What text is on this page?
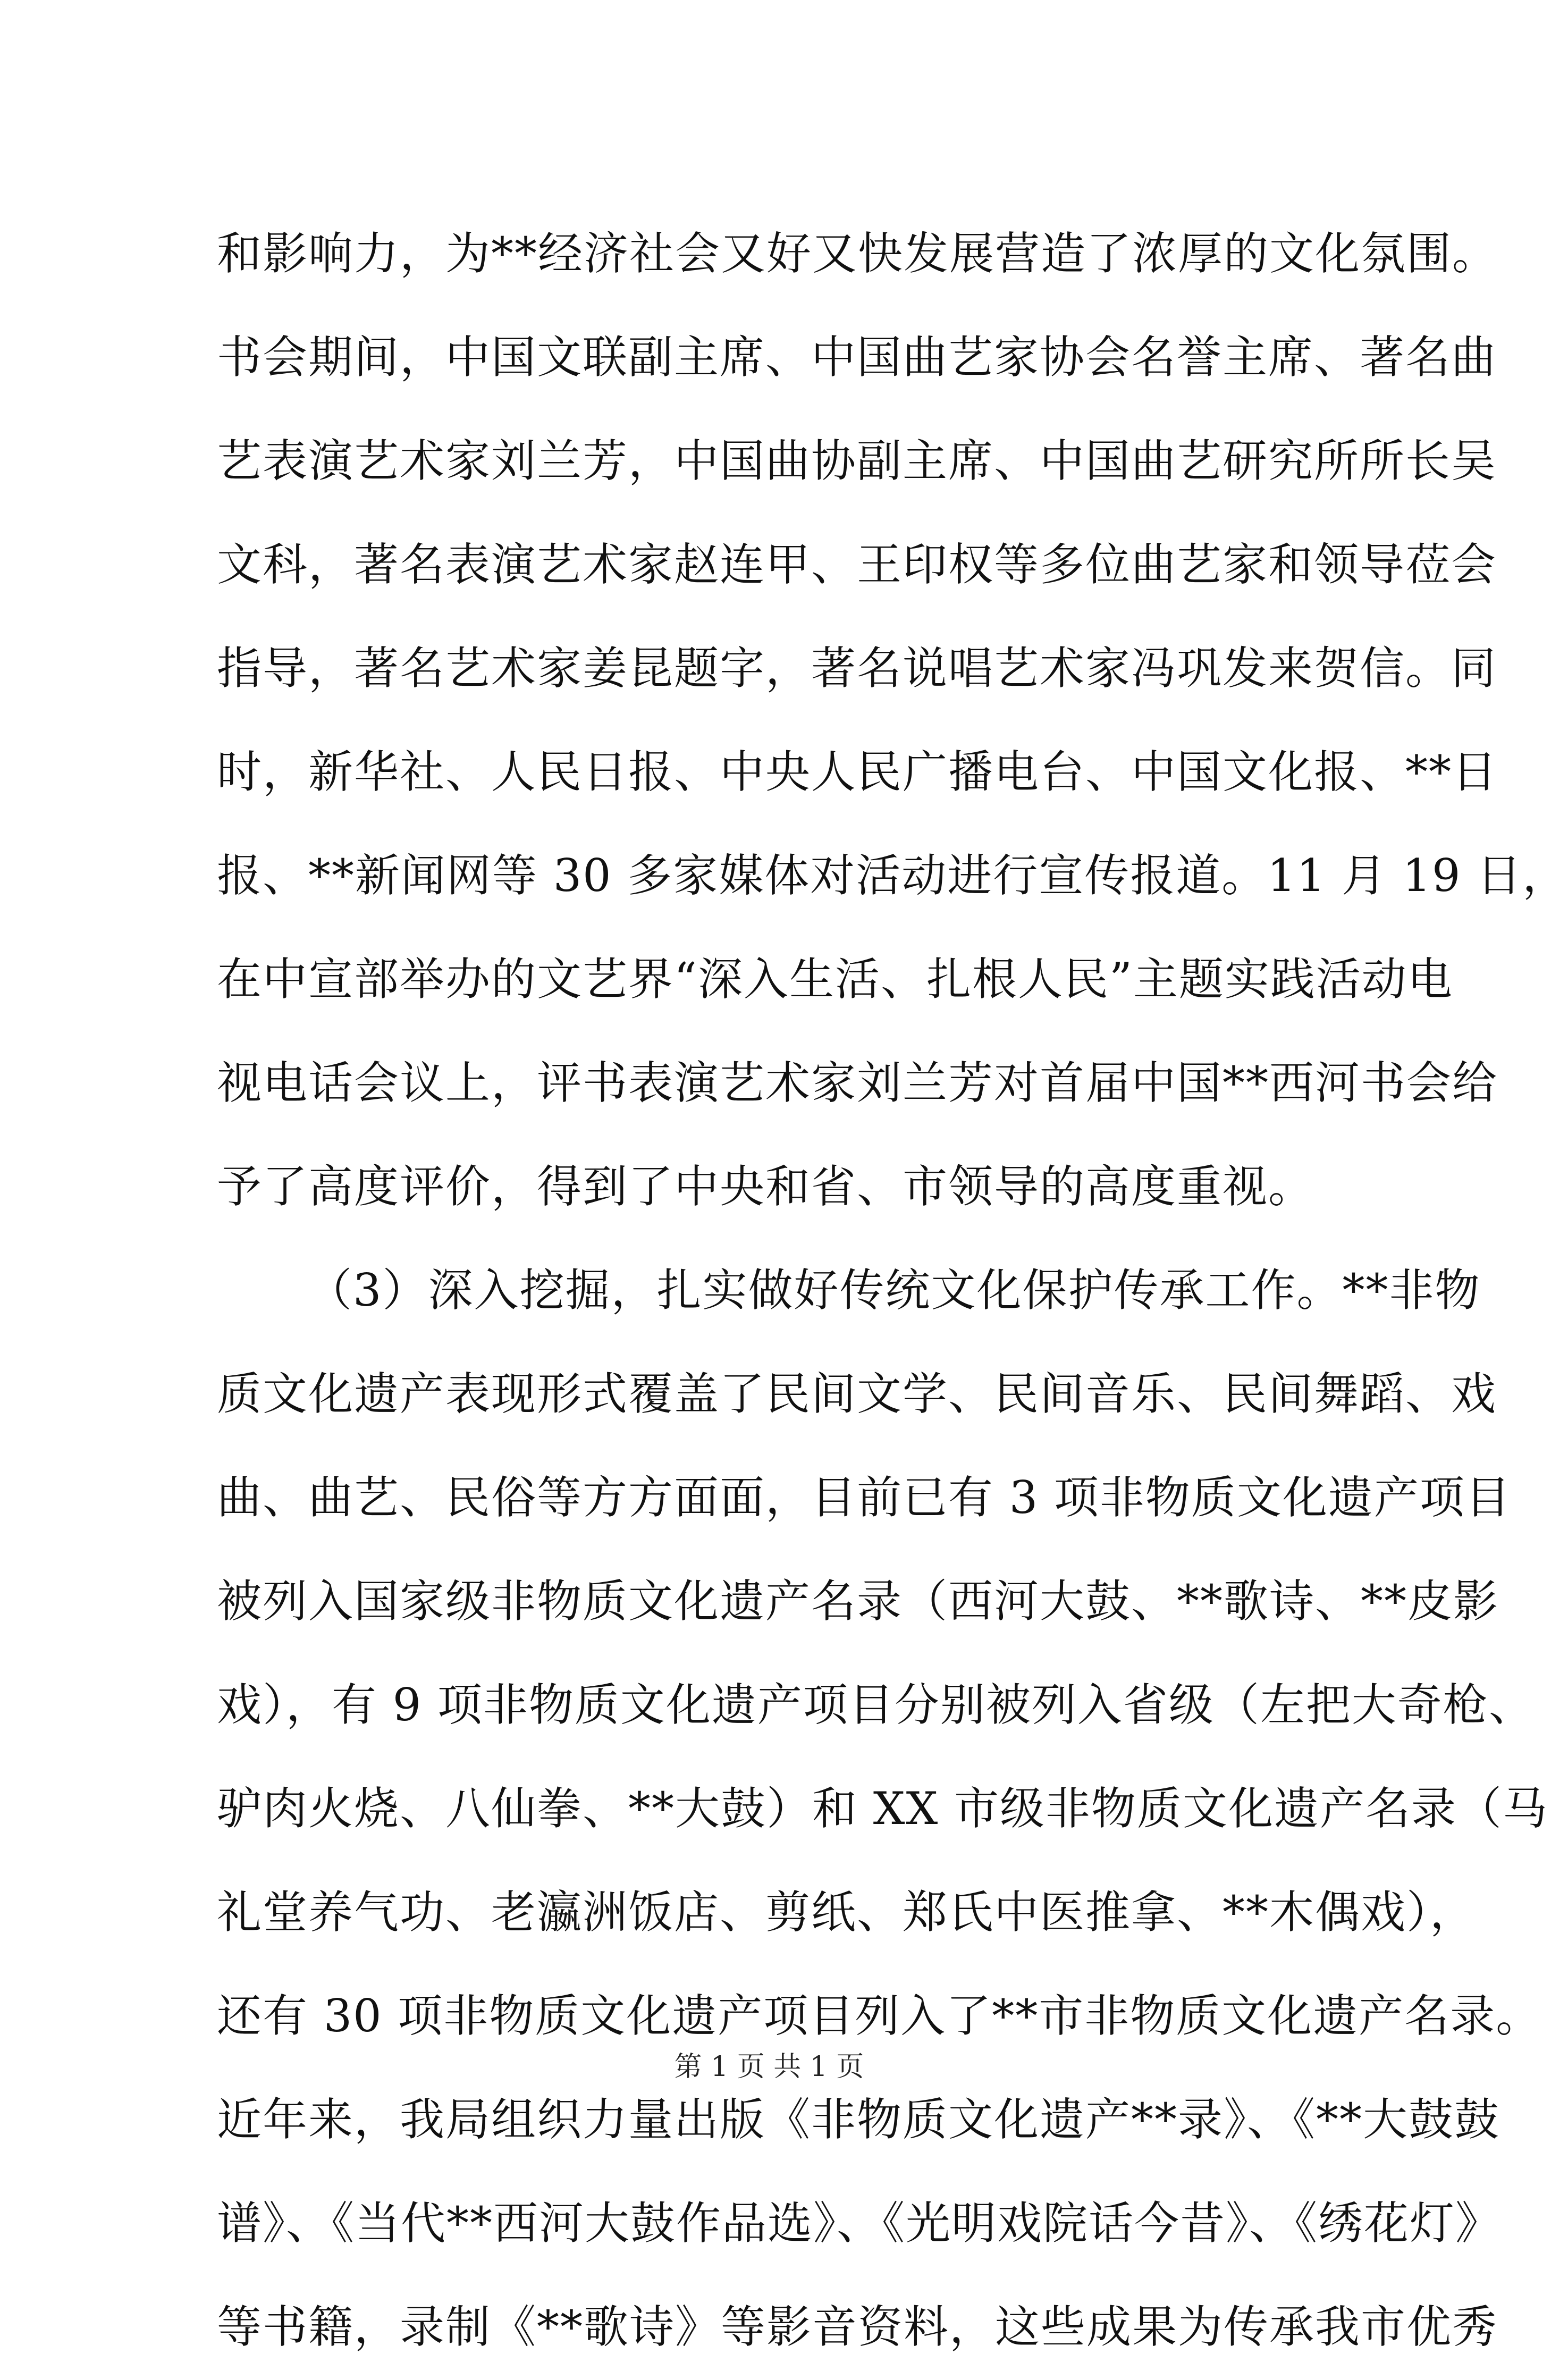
和影响力，为**经济社会又好又快发展营造了浓厚的文化氛围。
书会期间，中国文联副主席、中国曲艺家协会名誉主席、著名曲
艺表演艺术家刘兰芳，中国曲协副主席、中国曲艺研究所所长吴
文科，著名表演艺术家赵连甲、王印权等多位曲艺家和领导莅会
指导，著名艺术家姜昆题字，著名说唱艺术家冯巩发来贺信。同
时，新华社、人民日报、中央人民广播电台、中国文化报、**日
报、**新闻网等 30 多家媒体对活动进行宣传报道。11 月 19 日，
在中宣部举办的文艺界“深入生活、扎根人民”主题实践活动电
视电话会议上，评书表演艺术家刘兰芳对首届中国**西河书会给
予了高度评价，得到了中央和省、市领导的高度重视。
（3）深入挖掘，扎实做好传统文化保护传承工作。**非物
质文化遗产表现形式覆盖了民间文学、民间音乐、民间舞蹈、戏
曲、曲艺、民俗等方方面面，目前已有 3 项非物质文化遗产项目
被列入国家级非物质文化遗产名录（西河大鼓、**歌诗、**皮影
戏），有 9 项非物质文化遗产项目分别被列入省级（左把大奇枪、
驴肉火烧、八仙拳、**大鼓）和 XX 市级非物质文化遗产名录（马
礼堂养气功、老瀛洲饭店、剪纸、郑氏中医推拿、**木偶戏），
还有 30 项非物质文化遗产项目列入了**市非物质文化遗产名录。
近年来，我局组织力量出版《非物质文化遗产**录》、《**大鼓鼓
谱》、《当代**西河大鼓作品选》、《光明戏院话今昔》、《绣花灯》
等书籍，录制《**歌诗》等影音资料，这些成果为传承我市优秀
第 1 页 共 1 页
